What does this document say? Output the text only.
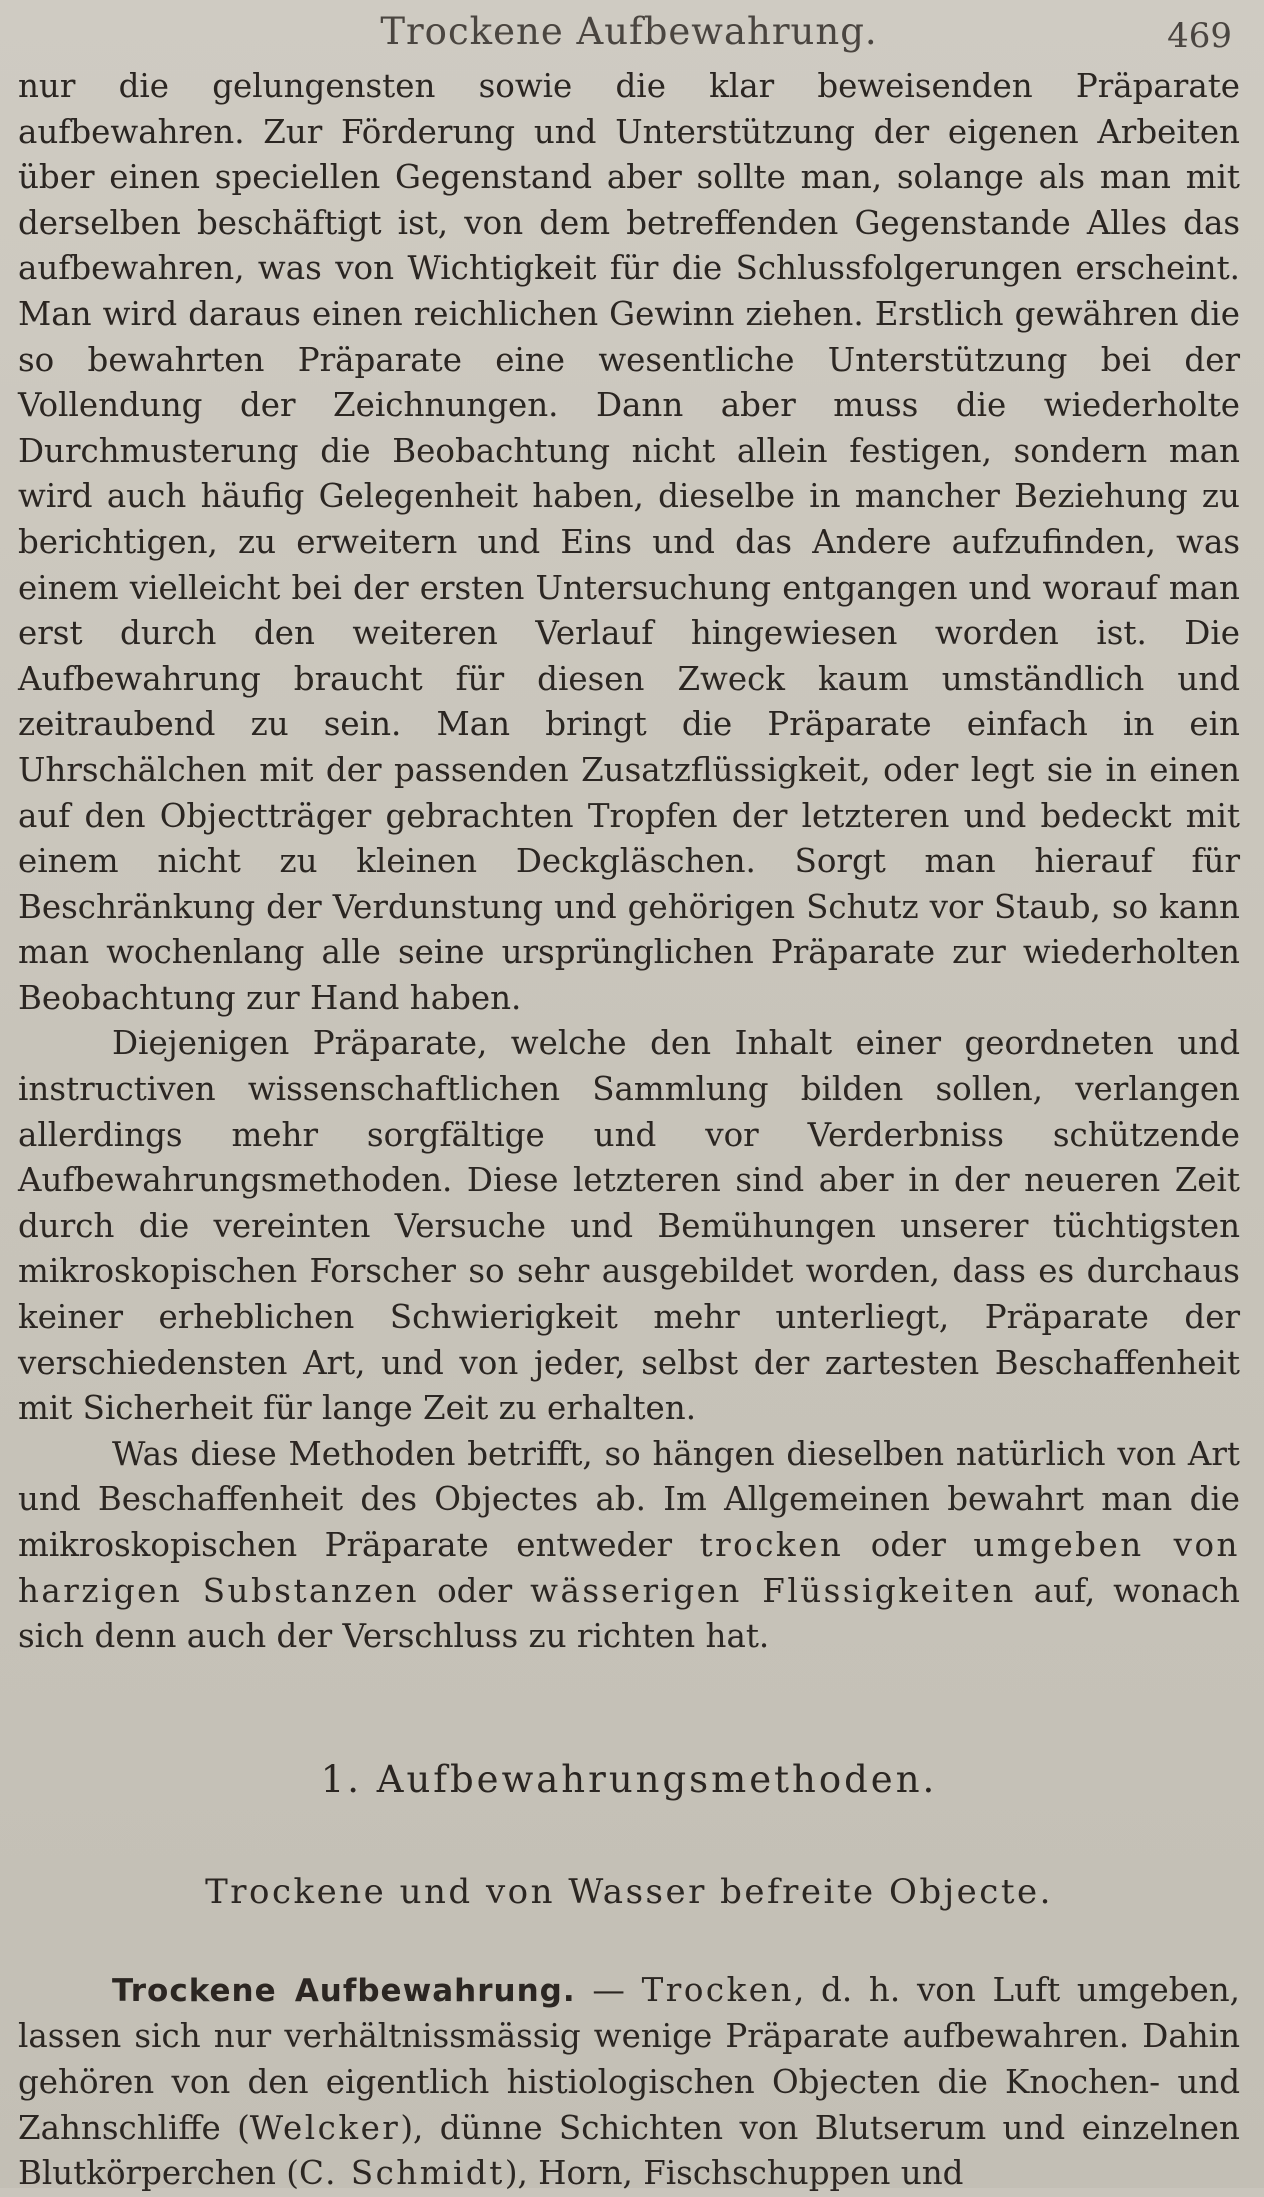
Trockene Aufbewahrung.	469

nur die gelungensten sowie die klar beweisenden Präparate aufbewahren. Zur Förderung und Unterstützung der eigenen Arbeiten über einen speciellen Gegenstand aber sollte man, solange als man mit derselben beschäftigt ist, von dem betreffenden Gegenstande Alles das aufbewahren, was von Wichtigkeit für die Schlussfolgerungen erscheint. Man wird daraus einen reichlichen Gewinn ziehen. Erstlich gewähren die so bewahrten Präparate eine wesentliche Unterstützung bei der Vollendung der Zeichnungen. Dann aber muss die wiederholte Durchmusterung die Beobachtung nicht allein festigen, sondern man wird auch häufig Gelegenheit haben, dieselbe in mancher Beziehung zu berichtigen, zu erweitern und Eins und das Andere aufzufinden, was einem vielleicht bei der ersten Untersuchung entgangen und worauf man erst durch den weiteren Verlauf hingewiesen worden ist. Die Aufbewahrung braucht für diesen Zweck kaum umständlich und zeitraubend zu sein. Man bringt die Präparate einfach in ein Uhrschälchen mit der passenden Zusatzflüssigkeit, oder legt sie in einen auf den Objectträger gebrachten Tropfen der letzteren und bedeckt mit einem nicht zu kleinen Deckgläschen. Sorgt man hierauf für Beschränkung der Verdunstung und gehörigen Schutz vor Staub, so kann man wochenlang alle seine ursprünglichen Präparate zur wiederholten Beobachtung zur Hand haben.

Diejenigen Präparate, welche den Inhalt einer geordneten und instructiven wissenschaftlichen Sammlung bilden sollen, verlangen allerdings mehr sorgfältige und vor Verderbniss schützende Aufbewahrungsmethoden. Diese letzteren sind aber in der neueren Zeit durch die vereinten Versuche und Bemühungen unserer tüchtigsten mikroskopischen Forscher so sehr ausgebildet worden, dass es durchaus keiner erheblichen Schwierigkeit mehr unterliegt, Präparate der verschiedensten Art, und von jeder, selbst der zartesten Beschaffenheit mit Sicherheit für lange Zeit zu erhalten.

Was diese Methoden betrifft, so hängen dieselben natürlich von Art und Beschaffenheit des Objectes ab. Im Allgemeinen bewahrt man die mikroskopischen Präparate entweder trocken oder umgeben von harzigen Substanzen oder wässerigen Flüssigkeiten auf, wonach sich denn auch der Verschluss zu richten hat.

1. Aufbewahrungsmethoden.
Trockene und von Wasser befreite Objecte.

Trockene Aufbewahrung. — Trocken, d. h. von Luft umgeben, lassen sich nur verhältnissmässig wenige Präparate aufbewahren. Dahin gehören von den eigentlich histiologischen Objecten die Knochen- und Zahnschliffe (Welcker), dünne Schichten von Blutserum und einzelnen Blutkörperchen (C. Schmidt), Horn, Fischschuppen und
